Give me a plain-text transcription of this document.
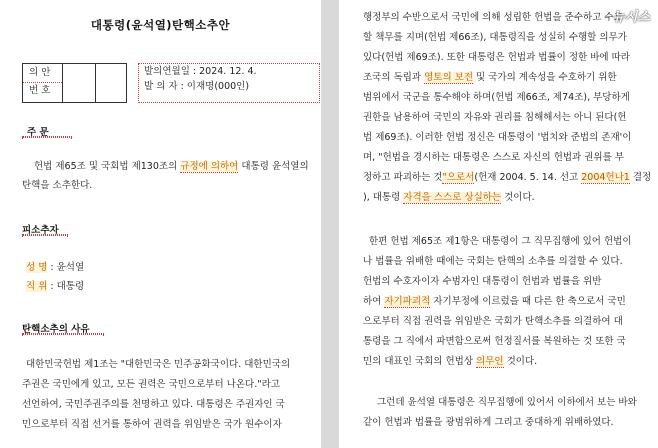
대통령(윤석열)탄핵소추안
의 안
번 호
발의연월일 : 2024. 12. 4.
발 의 자 : 이재명(000인)
주 문
헌법 제65조 및 국회법 제130조의 규정에 의하여 대통령 윤석열의
탄핵을 소추한다.
피소추자
성 명 : 윤석열
직 위 : 대통령
탄핵소추의 사유
대한민국헌법 제1조는 "대한민국은 민주공화국이다. 대한민국의
주권은 국민에게 있고, 모든 권력은 국민으로부터 나온다."라고
선언하여, 국민주권주의를 천명하고 있다. 대통령은 주권자인 국
민으로부터 직접 선거를 통하여 권력을 위임받은 국가 원수이자
행정부의 수반으로서 국민에 의해 성립한 헌법을 준수하고 수호
할 책무를 지며(헌법 제66조), 대통령직을 성실히 수행할 의무가
있다(헌법 제69조). 또한 대통령은 헌법과 법률이 정한 바에 따라
조국의 독립과 영토의 보전 및 국가의 계속성을 수호하기 위한
범위에서 국군을 통수해야 하며(헌법 제66조, 제74조), 부당하게
권한을 남용하여 국민의 자유와 권리를 침해해서는 아니 된다(헌
법 제69조). 이러한 헌법 정신은 대통령이 '법치와 준법의 존재'이
며, "헌법을 경시하는 대통령은 스스로 자신의 헌법과 권위를 부
정하고 파괴하는 것"으로서(헌재 2004. 5. 14. 선고 2004헌나1 결정
), 대통령 자격을 스스로 상실하는 것이다.
한편 헌법 제65조 제1항은 대통령이 그 직무집행에 있어 헌법이
나 법률을 위배한 때에는 국회는 탄핵의 소추를 의결할 수 있다.
헌법의 수호자이자 수범자인 대통령이 헌법과 법률을 위반
하여 자기파괴적 자기부정에 이르렀을 때 다른 한 축으로서 국민
으로부터 직접 권력을 위임받은 국회가 탄핵소추를 의결하여 대
통령을 그 직에서 파면함으로써 헌정질서를 복원하는 것 또한 국
민의 대표인 국회의 헌법상 의무인 것이다.
그런데 윤석열 대통령은 직무집행에 있어서 이하에서 보는 바와
같이 헌법과 법률을 광범위하게 그리고 중대하게 위배하였다.
뉴시스
